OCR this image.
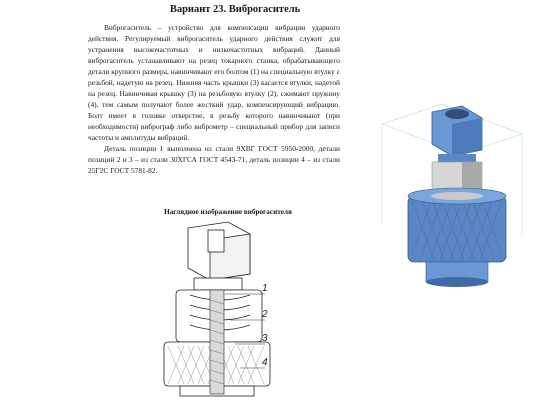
Вариант 23. Виброгаситель

Виброгаситель – устройство для компенсации вибрации ударного действия. Регулируемый виброгаситель ударного действия служит для устранения высокочастотных и низкочастотных вибраций. Данный виброгаситель устанавливают на резец токарного станка, обрабатывающего детали крупного размера, навинчивают его болтом (1) на специальную втулку с резьбой, надетую на резец. Нижняя часть крышки (3) касается втулки, надетой на резец. Навинчивая крышку (3) на резьбовую втулку (2), сжимают пружину (4), тем самым получают более жесткий удар, компенсирующий вибрацию. Болт имеет в головке отверстие, в резьбу которого навинчивают (при необходимости) виброграф либо виброметр – специальный прибор для записи частоты и амплитуды вибраций.

Деталь позиции 1 выполнена из стали 9ХВГ ГОСТ 5950-2000, детали позиций 2 и 3 – из стали 30ХГСА ГОСТ 4543-71, деталь позиции 4 – из стали 25Г2С ГОСТ 5781-82.

Наглядное изображение виброгасителя
1
2
3
4
